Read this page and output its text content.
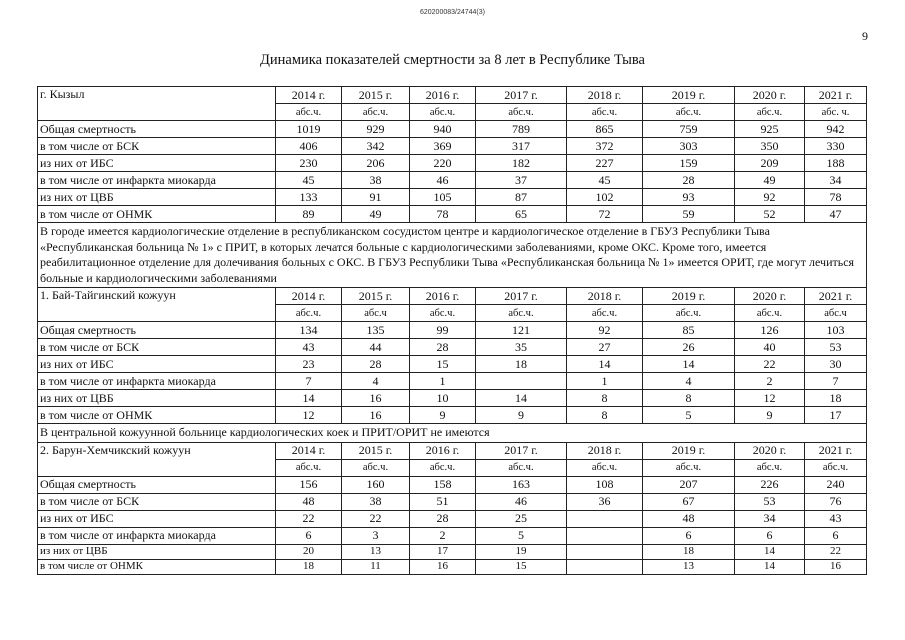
620200083/24744(3)
9
Динамика показателей смертности за 8 лет в Республике Тыва
г. Кызыл	2014 г.	2015 г.	2016 г.	2017 г.	2018 г.	2019 г.	2020 г.	2021 г.
	абс.ч.	абс.ч.	абс.ч.	абс.ч.	абс.ч.	абс.ч.	абс.ч.	абс. ч.
Общая смертность	1019	929	940	789	865	759	925	942
в том числе от БСК	406	342	369	317	372	303	350	330
из них от ИБС	230	206	220	182	227	159	209	188
в том числе от инфаркта миокарда	45	38	46	37	45	28	49	34
из них от ЦВБ	133	91	105	87	102	93	92	78
в том числе от ОНМК	89	49	78	65	72	59	52	47
В городе имеется кардиологические отделение в республиканском сосудистом центре и кардиологическое отделение в ГБУЗ Республики Тыва «Республиканская больница № 1» с ПРИТ, в которых лечатся больные с кардиологическими заболеваниями, кроме ОКС. Кроме того, имеется реабилитационное отделение для долечивания больных с ОКС. В ГБУЗ Республики Тыва «Республиканская больница № 1» имеется ОРИТ, где могут лечиться больные и кардиологическими заболеваниями								
1. Бай-Тайгинский кожуун	2014 г.	2015 г.	2016 г.	2017 г.	2018 г.	2019 г.	2020 г.	2021 г.
	абс.ч.	абс.ч	абс.ч.	абс.ч.	абс.ч.	абс.ч.	абс.ч.	абс.ч
Общая смертность	134	135	99	121	92	85	126	103
в том числе от БСК	43	44	28	35	27	26	40	53
из них от ИБС	23	28	15	18	14	14	22	30
в том числе от инфаркта миокарда	7	4	1		1	4	2	7
из них от ЦВБ	14	16	10	14	8	8	12	18
в том числе от ОНМК	12	16	9	9	8	5	9	17
В центральной кожуунной больнице кардиологических коек и ПРИТ/ОРИТ не имеются								
2. Барун-Хемчикский кожуун	2014 г.	2015 г.	2016 г.	2017 г.	2018 г.	2019 г.	2020 г.	2021 г.
	абс.ч.	абс.ч.	абс.ч.	абс.ч.	абс.ч.	абс.ч.	абс.ч.	абс.ч.
Общая смертность	156	160	158	163	108	207	226	240
в том числе от БСК	48	38	51	46	36	67	53	76
из них от ИБС	22	22	28	25		48	34	43
в том числе от инфаркта миокарда	6	3	2	5		6	6	6
из них от ЦВБ	20	13	17	19		18	14	22
в том числе от ОНМК	18	11	16	15		13	14	16
